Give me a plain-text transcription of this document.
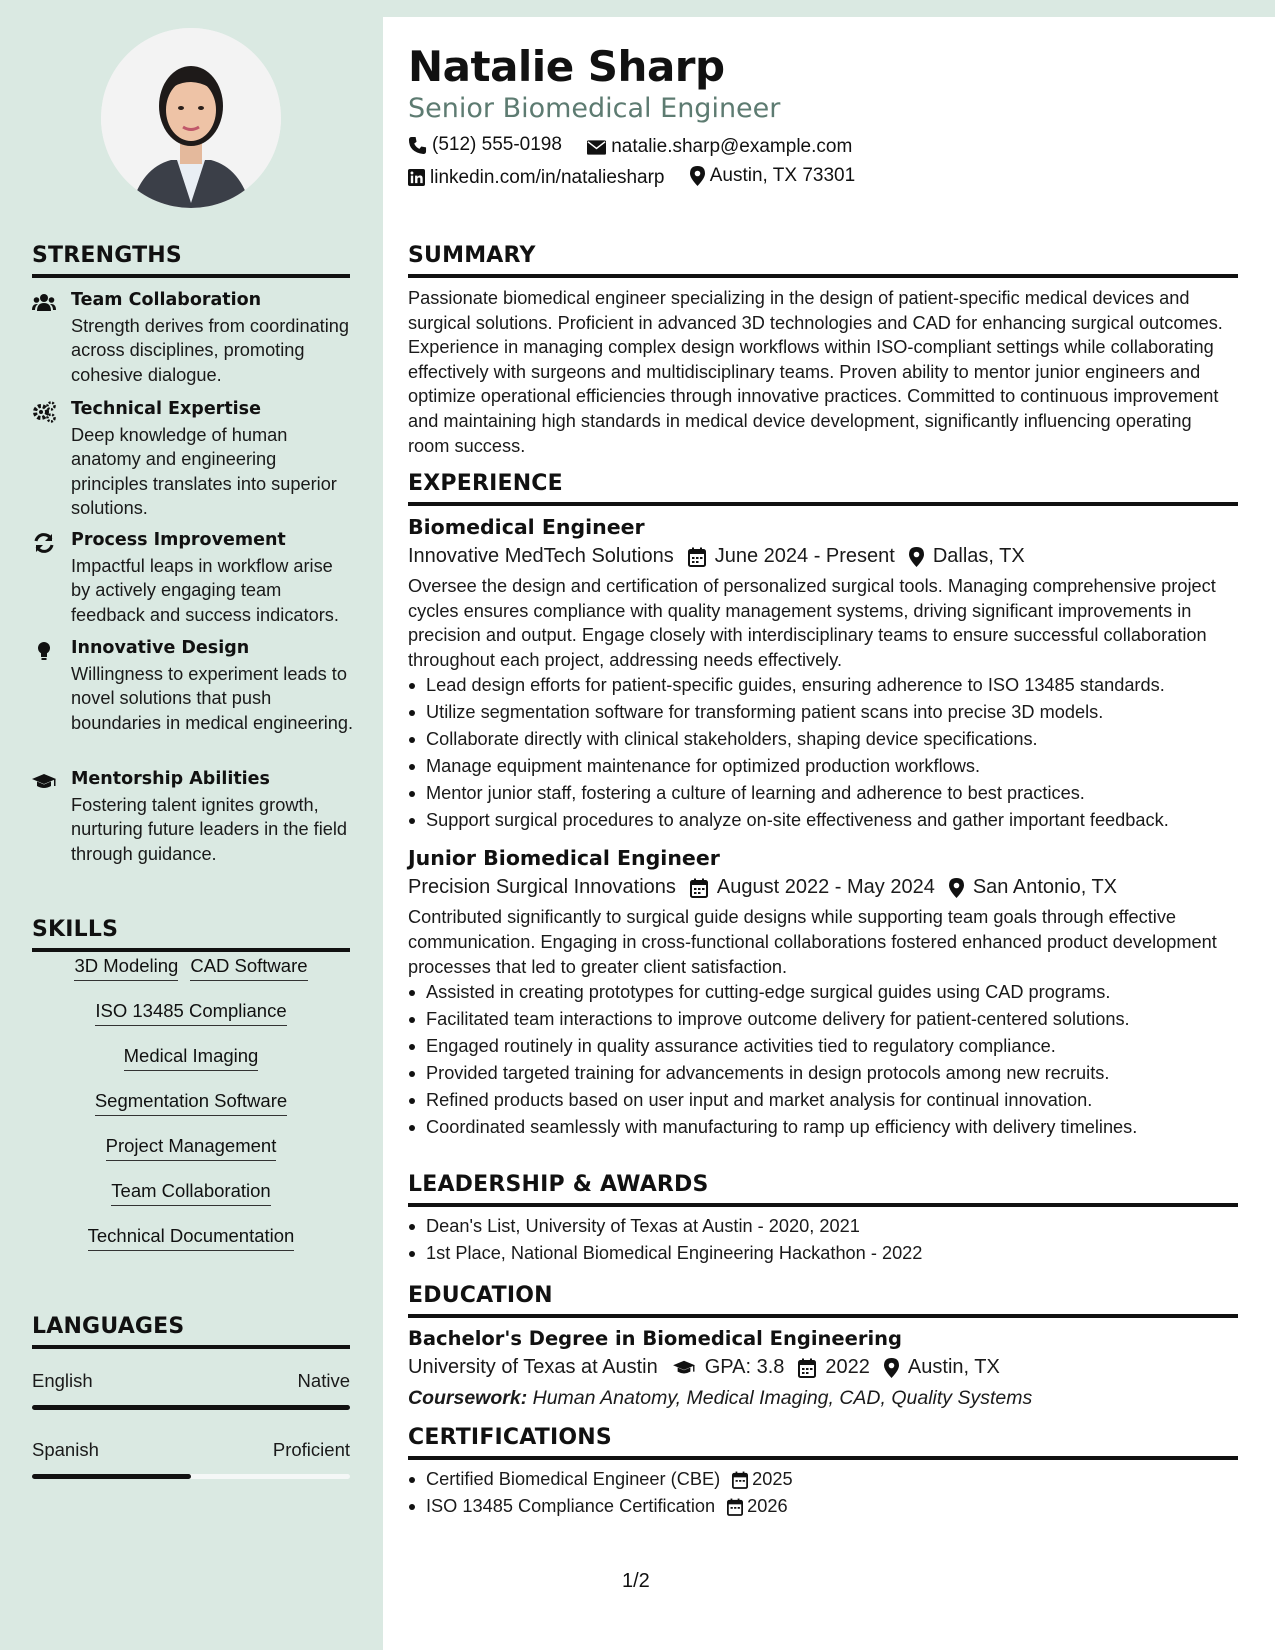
STRENGTHS
Team Collaboration
Strength derives from coordinating across disciplines, promoting cohesive dialogue.
Technical Expertise
Deep knowledge of human anatomy and engineering principles translates into superior solutions.
Process Improvement
Impactful leaps in workflow arise by actively engaging team feedback and success indicators.
Innovative Design
Willingness to experiment leads to novel solutions that push boundaries in medical engineering.
Mentorship Abilities
Fostering talent ignites growth, nurturing future leaders in the field through guidance.
SKILLS
3D Modeling CAD Software
ISO 13485 Compliance
Medical Imaging
Segmentation Software
Project Management
Team Collaboration
Technical Documentation
LANGUAGES
English	Native
Spanish	Proficient
Natalie Sharp
Senior Biomedical Engineer
(512) 555-0198
	natalie.sharp@example.com
linkedin.com/in/nataliesharp
Austin, TX 73301
SUMMARY
Passionate biomedical engineer specializing in the design of patient-specific medical devices and surgical solutions. Proficient in advanced 3D technologies and CAD for enhancing surgical outcomes. Experience in managing complex design workflows within ISO-compliant settings while collaborating effectively with surgeons and multidisciplinary teams. Proven ability to mentor junior engineers and optimize operational efficiencies through innovative practices. Committed to continuous improvement and maintaining high standards in medical device development, significantly influencing operating room success.
EXPERIENCE
Biomedical Engineer
Innovative MedTech Solutions June 2024 - Present Dallas, TX
Oversee the design and certification of personalized surgical tools. Managing comprehensive project cycles ensures compliance with quality management systems, driving significant improvements in precision and output. Engage closely with interdisciplinary teams to ensure successful collaboration throughout each project, addressing needs effectively.
Lead design efforts for patient-specific guides, ensuring adherence to ISO 13485 standards.
Utilize segmentation software for transforming patient scans into precise 3D models.
Collaborate directly with clinical stakeholders, shaping device specifications.
Manage equipment maintenance for optimized production workflows.
Mentor junior staff, fostering a culture of learning and adherence to best practices.
Support surgical procedures to analyze on-site effectiveness and gather important feedback.
Junior Biomedical Engineer
Precision Surgical Innovations August 2022 - May 2024 San Antonio, TX
Contributed significantly to surgical guide designs while supporting team goals through effective communication. Engaging in cross-functional collaborations fostered enhanced product development processes that led to greater client satisfaction.
Assisted in creating prototypes for cutting-edge surgical guides using CAD programs.
Facilitated team interactions to improve outcome delivery for patient-centered solutions.
Engaged routinely in quality assurance activities tied to regulatory compliance.
Provided targeted training for advancements in design protocols among new recruits.
Refined products based on user input and market analysis for continual innovation.
Coordinated seamlessly with manufacturing to ramp up efficiency with delivery timelines.
LEADERSHIP & AWARDS
Dean's List, University of Texas at Austin - 2020, 2021
1st Place, National Biomedical Engineering Hackathon - 2022
EDUCATION
Bachelor's Degree in Biomedical Engineering
University of Texas at Austin GPA: 3.8 2022 Austin, TX
Coursework: Human Anatomy, Medical Imaging, CAD, Quality Systems
CERTIFICATIONS
Certified Biomedical Engineer (CBE) 2025
ISO 13485 Compliance Certification 2026
1/2
